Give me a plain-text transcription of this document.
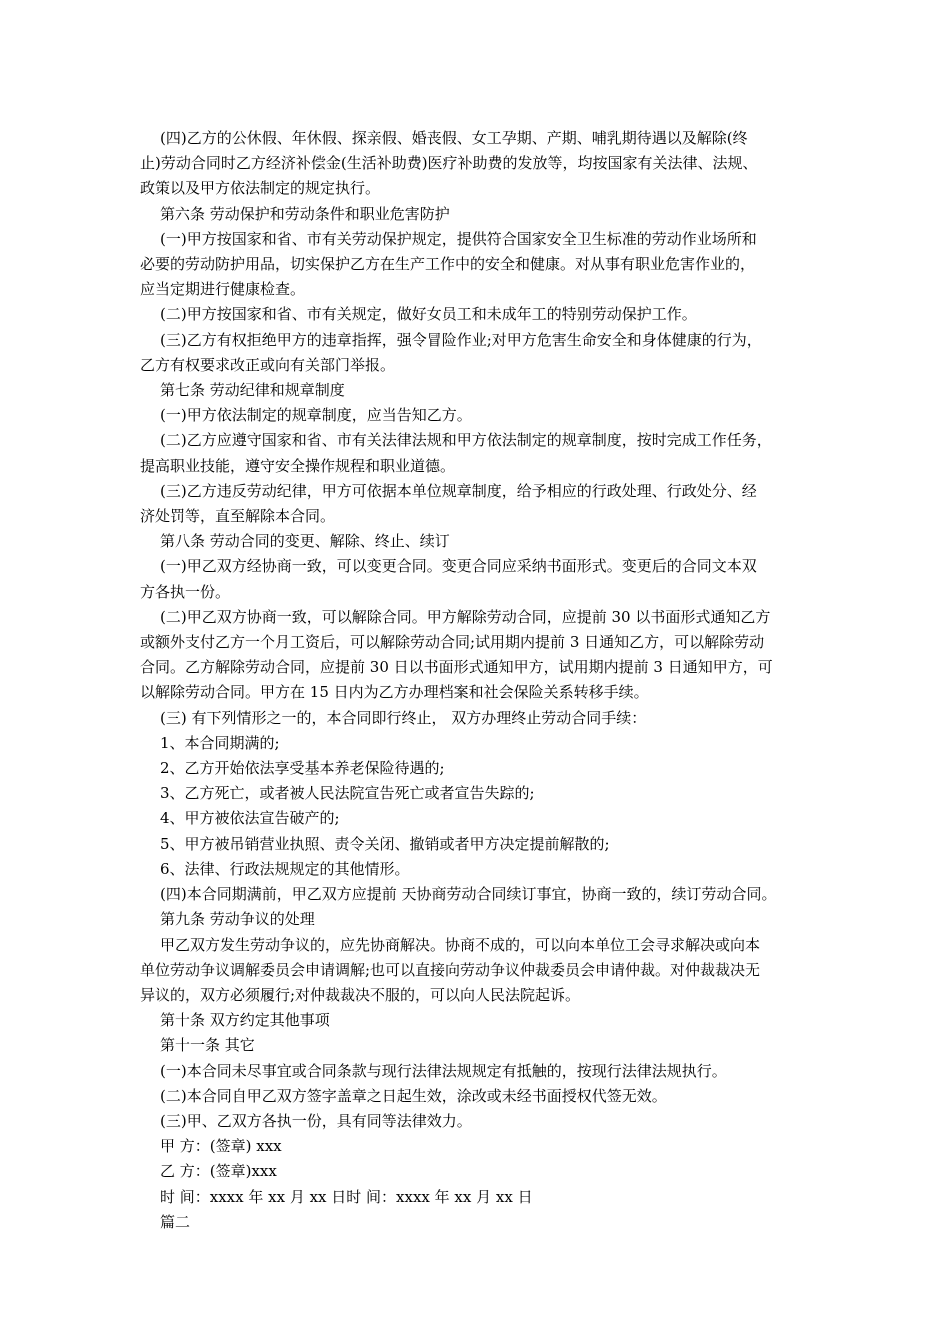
(四)乙方的公休假、年休假、探亲假、婚丧假、女工孕期、产期、哺乳期待遇以及解除(终

止)劳动合同时乙方经济补偿金(生活补助费)医疗补助费的发放等，均按国家有关法律、法规、

政策以及甲方依法制定的规定执行。

第六条 劳动保护和劳动条件和职业危害防护

(一)甲方按国家和省、市有关劳动保护规定，提供符合国家安全卫生标准的劳动作业场所和

必要的劳动防护用品，切实保护乙方在生产工作中的安全和健康。对从事有职业危害作业的，

应当定期进行健康检查。

(二)甲方按国家和省、市有关规定，做好女员工和未成年工的特别劳动保护工作。

(三)乙方有权拒绝甲方的违章指挥，强令冒险作业;对甲方危害生命安全和身体健康的行为，

乙方有权要求改正或向有关部门举报。

第七条 劳动纪律和规章制度

(一)甲方依法制定的规章制度，应当告知乙方。

(二)乙方应遵守国家和省、市有关法律法规和甲方依法制定的规章制度，按时完成工作任务，

提高职业技能，遵守安全操作规程和职业道德。

(三)乙方违反劳动纪律，甲方可依据本单位规章制度，给予相应的行政处理、行政处分、经

济处罚等，直至解除本合同。

第八条 劳动合同的变更、解除、终止、续订

(一)甲乙双方经协商一致，可以变更合同。变更合同应采纳书面形式。变更后的合同文本双

方各执一份。

(二)甲乙双方协商一致，可以解除合同。甲方解除劳动合同，应提前 30 以书面形式通知乙方

或额外支付乙方一个月工资后，可以解除劳动合同;试用期内提前 3 日通知乙方，可以解除劳动

合同。乙方解除劳动合同，应提前 30 日以书面形式通知甲方，试用期内提前 3 日通知甲方，可

以解除劳动合同。甲方在 15 日内为乙方办理档案和社会保险关系转移手续。

(三) 有下列情形之一的，本合同即行终止， 双方办理终止劳动合同手续：

1、本合同期满的;

2、乙方开始依法享受基本养老保险待遇的;

3、乙方死亡，或者被人民法院宣告死亡或者宣告失踪的;

4、甲方被依法宣告破产的;

5、甲方被吊销营业执照、责令关闭、撤销或者甲方决定提前解散的;

6、法律、行政法规规定的其他情形。

(四)本合同期满前，甲乙双方应提前 天协商劳动合同续订事宜，协商一致的，续订劳动合同。

第九条 劳动争议的处理

甲乙双方发生劳动争议的，应先协商解决。协商不成的，可以向本单位工会寻求解决或向本

单位劳动争议调解委员会申请调解;也可以直接向劳动争议仲裁委员会申请仲裁。对仲裁裁决无

异议的，双方必须履行;对仲裁裁决不服的，可以向人民法院起诉。

第十条 双方约定其他事项

第十一条 其它

(一)本合同未尽事宜或合同条款与现行法律法规规定有抵触的，按现行法律法规执行。

(二)本合同自甲乙双方签字盖章之日起生效，涂改或未经书面授权代签无效。

(三)甲、乙双方各执一份，具有同等法律效力。

甲 方：(签章) xxx

乙 方：(签章)xxx

时 间：xxxx 年 xx 月 xx 日时 间：xxxx 年 xx 月 xx 日

篇二
